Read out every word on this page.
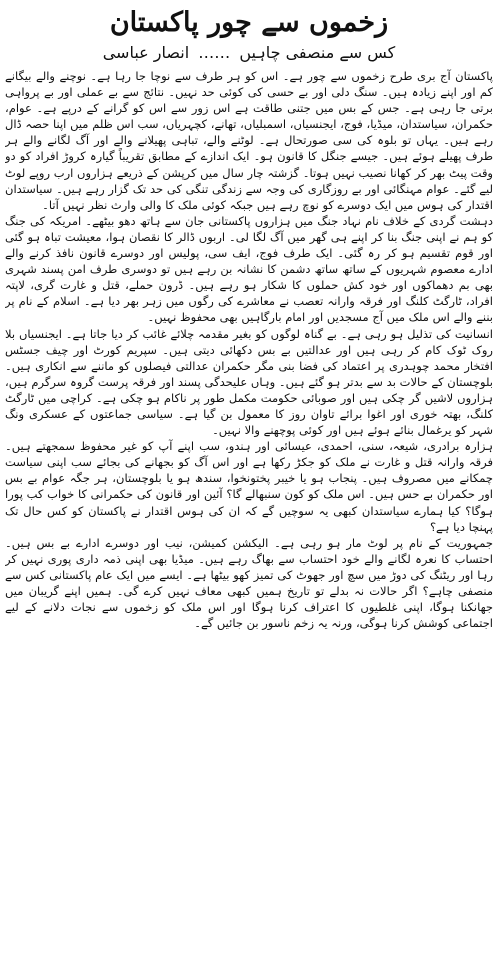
زخموں سے چور پاکستان
کس سے منصفی چاہیں …… انصار عباسی

پاکستان آج بری طرح زخموں سے چور ہے۔ اس کو ہر طرف سے نوچا جا رہا ہے۔ نوچنے والے بیگانے کم اور اپنے زیادہ ہیں۔ سنگ دلی اور بے حسی کی کوئی حد نہیں۔ نتائج سے بے عملی اور بے پرواہی برتی جا رہی ہے۔ جس کے بس میں جتنی طاقت ہے اس زور سے اس کو گرانے کے درپے ہے۔ عوام، حکمران، سیاستدان، میڈیا، فوج، ایجنسیاں، اسمبلیاں، تھانے، کچہریاں، سب اس ظلم میں اپنا حصہ ڈال رہے ہیں۔ یہاں تو بلوہ کی سی صورتحال ہے۔ لوٹنے والے، تباہی پھیلانے والے اور آگ لگانے والے ہر طرف پھیلے ہوئے ہیں۔ جیسے جنگل کا قانون ہو۔ ایک اندازے کے مطابق تقریباً گیارہ کروڑ افراد کو دو وقت پیٹ بھر کر کھانا نصیب نہیں ہوتا۔ گزشتہ چار سال میں کرپشن کے ذریعے ہزاروں ارب روپے لوٹ لیے گئے۔ عوام مہنگائی اور بے روزگاری کی وجہ سے زندگی تنگی کی حد تک گزار رہے ہیں۔ سیاستدان اقتدار کی ہوس میں ایک دوسرے کو نوچ رہے ہیں جبکہ کوئی ملک کا والی وارث نظر نہیں آتا۔

دہشت گردی کے خلاف نام نہاد جنگ میں ہزاروں پاکستانی جان سے ہاتھ دھو بیٹھے۔ امریکہ کی جنگ کو ہم نے اپنی جنگ بنا کر اپنے ہی گھر میں آگ لگا لی۔ اربوں ڈالر کا نقصان ہوا، معیشت تباہ ہو گئی اور قوم تقسیم ہو کر رہ گئی۔ ایک طرف فوج، ایف سی، پولیس اور دوسرے قانون نافذ کرنے والے ادارے معصوم شہریوں کے ساتھ ساتھ دشمن کا نشانہ بن رہے ہیں تو دوسری طرف امن پسند شہری بھی بم دھماکوں اور خود کش حملوں کا شکار ہو رہے ہیں۔ ڈرون حملے، قتل و غارت گری، لاپتہ افراد، ٹارگٹ کلنگ اور فرقہ وارانہ تعصب نے معاشرے کی رگوں میں زہر بھر دیا ہے۔ اسلام کے نام پر بننے والے اس ملک میں آج مسجدیں اور امام بارگاہیں بھی محفوظ نہیں۔

انسانیت کی تذلیل ہو رہی ہے۔ بے گناہ لوگوں کو بغیر مقدمہ چلائے غائب کر دیا جاتا ہے۔ ایجنسیاں بلا روک ٹوک کام کر رہی ہیں اور عدالتیں بے بس دکھائی دیتی ہیں۔ سپریم کورٹ اور چیف جسٹس افتخار محمد چوہدری پر اعتماد کی فضا بنی مگر حکمران عدالتی فیصلوں کو ماننے سے انکاری ہیں۔ بلوچستان کے حالات بد سے بدتر ہو گئے ہیں۔ وہاں علیحدگی پسند اور فرقہ پرست گروہ سرگرم ہیں، ہزاروں لاشیں گر چکی ہیں اور صوبائی حکومت مکمل طور پر ناکام ہو چکی ہے۔ کراچی میں ٹارگٹ کلنگ، بھتہ خوری اور اغوا برائے تاوان روز کا معمول بن گیا ہے۔ سیاسی جماعتوں کے عسکری ونگ شہر کو یرغمال بنائے ہوئے ہیں اور کوئی پوچھنے والا نہیں۔

ہزارہ برادری، شیعہ، سنی، احمدی، عیسائی اور ہندو، سب اپنے آپ کو غیر محفوظ سمجھتے ہیں۔ فرقہ وارانہ قتل و غارت نے ملک کو جکڑ رکھا ہے اور اس آگ کو بجھانے کی بجائے سب اپنی سیاست چمکانے میں مصروف ہیں۔ پنجاب ہو یا خیبر پختونخوا، سندھ ہو یا بلوچستان، ہر جگہ عوام بے بس اور حکمران بے حس ہیں۔ اس ملک کو کون سنبھالے گا؟ آئین اور قانون کی حکمرانی کا خواب کب پورا ہوگا؟ کیا ہمارے سیاستدان کبھی یہ سوچیں گے کہ ان کی ہوس اقتدار نے پاکستان کو کس حال تک پہنچا دیا ہے؟

جمہوریت کے نام پر لوٹ مار ہو رہی ہے۔ الیکشن کمیشن، نیب اور دوسرے ادارے بے بس ہیں۔ احتساب کا نعرہ لگانے والے خود احتساب سے بھاگ رہے ہیں۔ میڈیا بھی اپنی ذمہ داری پوری نہیں کر رہا اور ریٹنگ کی دوڑ میں سچ اور جھوٹ کی تمیز کھو بیٹھا ہے۔ ایسے میں ایک عام پاکستانی کس سے منصفی چاہے؟ اگر حالات نہ بدلے تو تاریخ ہمیں کبھی معاف نہیں کرے گی۔ ہمیں اپنے گریبان میں جھانکنا ہوگا، اپنی غلطیوں کا اعتراف کرنا ہوگا اور اس ملک کو زخموں سے نجات دلانے کے لیے اجتماعی کوشش کرنا ہوگی، ورنہ یہ زخم ناسور بن جائیں گے۔
